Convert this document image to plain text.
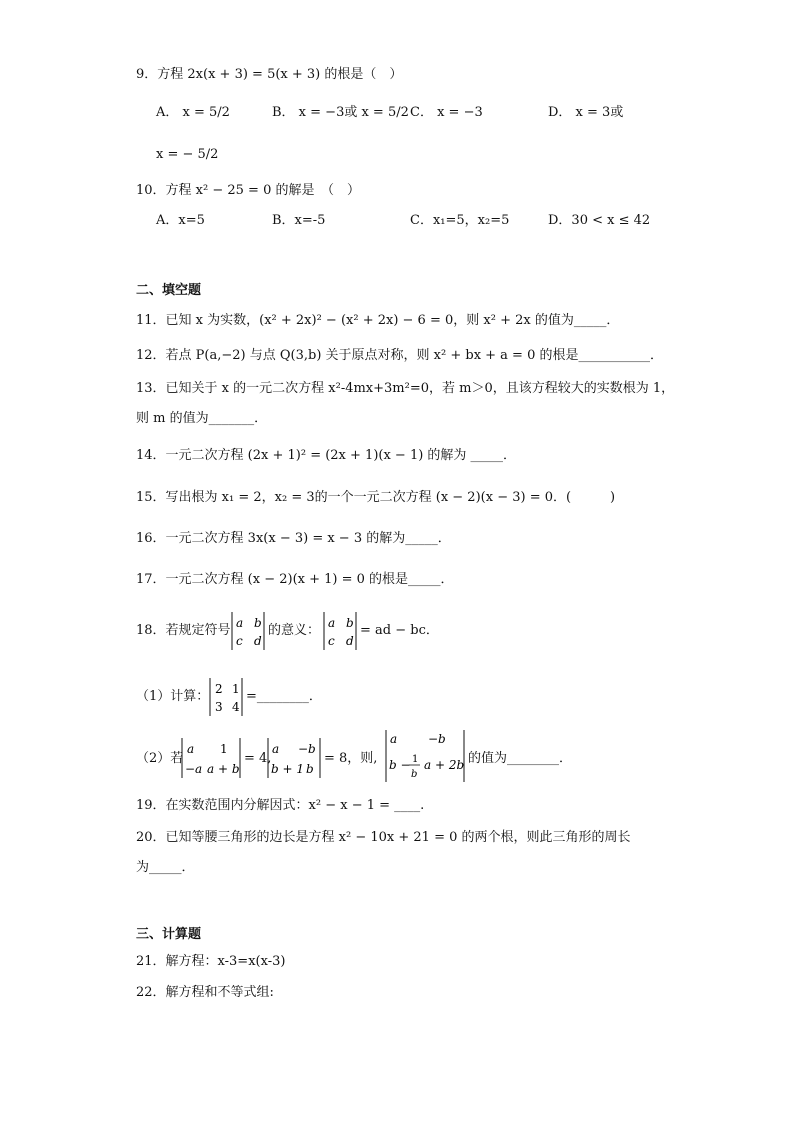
9．方程 2x(x + 3) = 5(x + 3) 的根是（　）
A． x = 5/2	B． x = −3或 x = 5/2 C． x = −3	D． x = 3或
x = − 5/2
10．方程 x² − 25 = 0 的解是　（　）
A．x=5	B．x=-5	C．x₁=5，x₂=5	D．30 < x ≤ 42
二、填空题
11．已知 x 为实数，(x² + 2x)² − (x² + 2x) − 6 = 0，则 x² + 2x 的值为_____．
12．若点 P(a,−2) 与点 Q(3,b) 关于原点对称，则 x² + bx + a = 0 的根是___________．
13．已知关于 x 的一元二次方程 x²-4mx+3m²=0，若 m＞0，且该方程较大的实数根为 1，
则 m 的值为_______．
14．一元二次方程 (2x + 1)² = (2x + 1)(x − 1) 的解为 _____．
15．写出根为 x₁ = 2，x₂ = 3的一个一元二次方程 (x − 2)(x − 3) = 0．(　　　)
16．一元二次方程 3x(x − 3) = x − 3 的解为_____．
17．一元二次方程 (x − 2)(x + 1) = 0 的根是_____．
18．若规定符号 a b
c d
的意义： a b
c d
= ad − bc．
（1）计算： 2 1
3 4
=________．
（2）若
a 1
−a a + b
= 4,
a −b
b + 1 b
= 8，则,
a	−b
b − 1
b
a + 2b 的值为________．
19．在实数范围内分解因式：x² − x − 1 = ____.
20．已知等腰三角形的边长是方程 x² − 10x + 21 = 0 的两个根，则此三角形的周长
为_____．
三、计算题
21．解方程：x-3=x(x-3)
22．解方程和不等式组:
